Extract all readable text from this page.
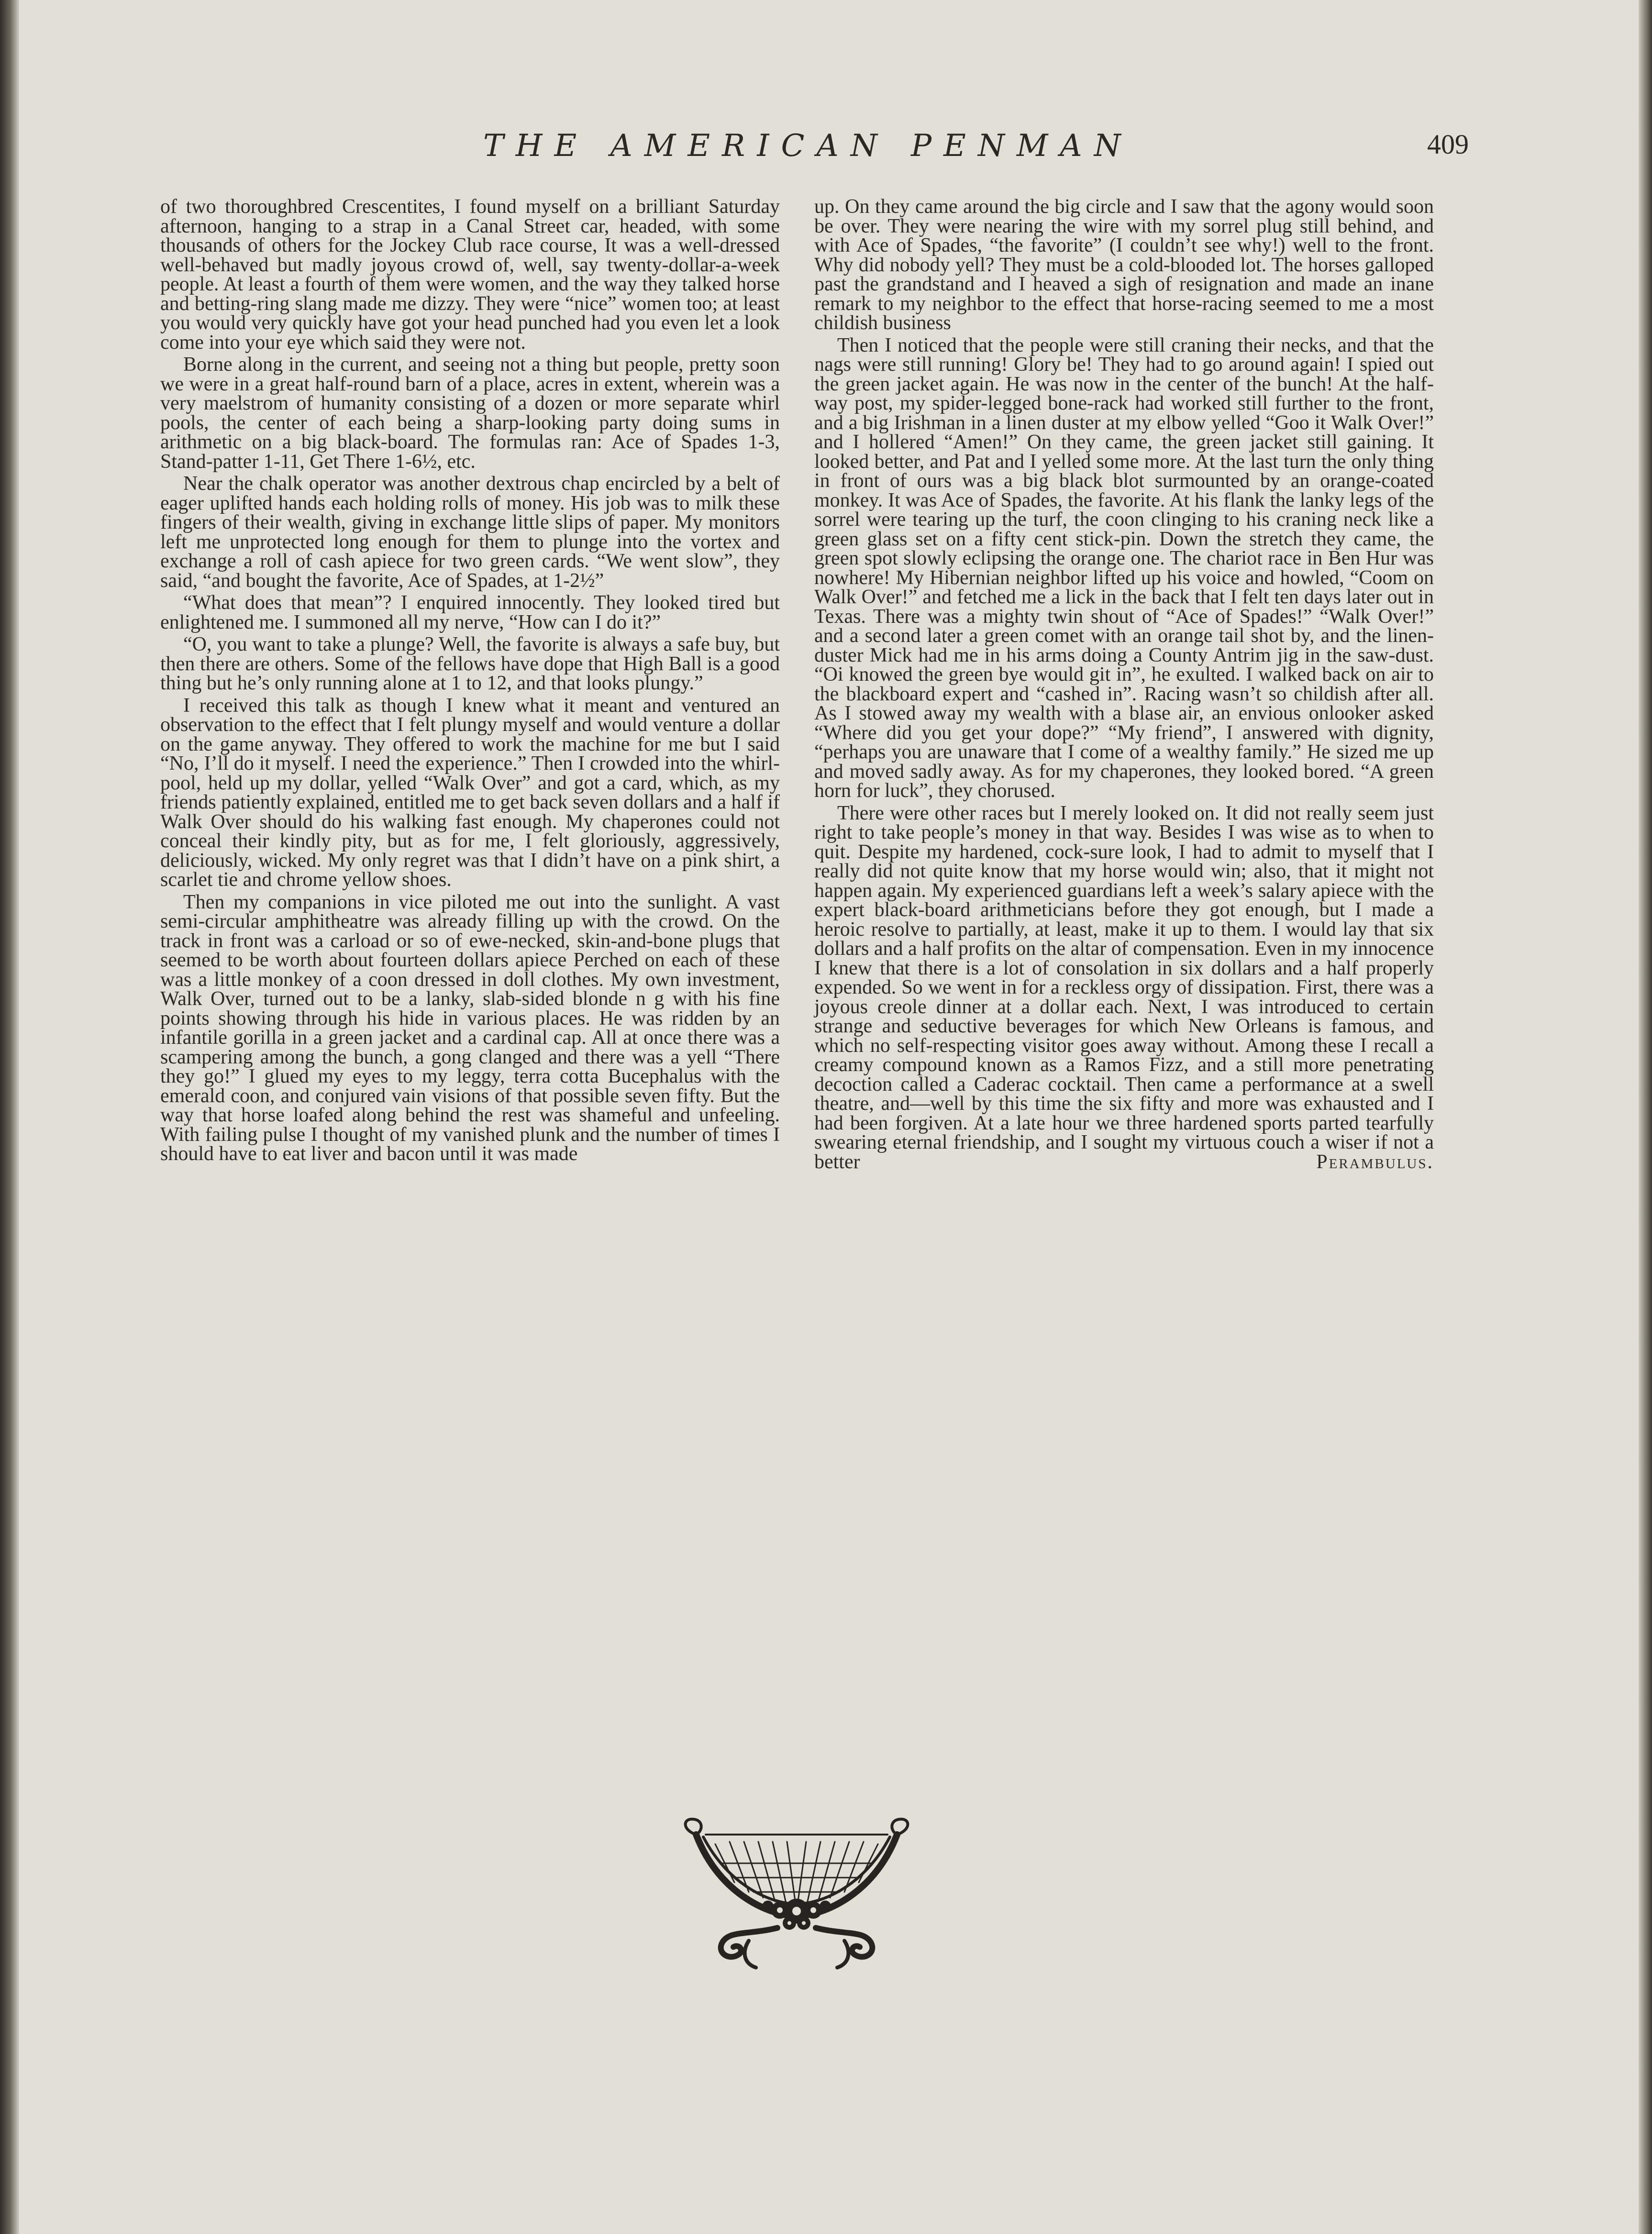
THE AMERICAN PENMAN	409

of two thoroughbred Crescentites, I found myself on a brilliant Saturday afternoon, hanging to a strap in a Canal Street car, headed, with some thousands of others for the Jockey Club race course, It was a well-dressed well-behaved but madly joyous crowd of, well, say twenty-dollar-a-week people. At least a fourth of them were women, and the way they talked horse and betting-ring slang made me dizzy. They were “nice” women too; at least you would very quickly have got your head punched had you even let a look come into your eye which said they were not.

Borne along in the current, and seeing not a thing but people, pretty soon we were in a great half-round barn of a place, acres in extent, wherein was a very maelstrom of humanity consisting of a dozen or more separate whirl pools, the center of each being a sharp-looking party doing sums in arithmetic on a big black-board. The formulas ran: Ace of Spades 1-3, Stand-patter 1-11, Get There 1-6½, etc.

Near the chalk operator was another dextrous chap encircled by a belt of eager uplifted hands each holding rolls of money. His job was to milk these fingers of their wealth, giving in exchange little slips of paper. My monitors left me unprotected long enough for them to plunge into the vortex and exchange a roll of cash apiece for two green cards. “We went slow”, they said, “and bought the favorite, Ace of Spades, at 1-2½”

“What does that mean”? I enquired innocently. They looked tired but enlightened me. I summoned all my nerve, “How can I do it?”

“O, you want to take a plunge? Well, the favorite is always a safe buy, but then there are others. Some of the fellows have dope that High Ball is a good thing but he’s only running alone at 1 to 12, and that looks plungy.”

I received this talk as though I knew what it meant and ventured an observation to the effect that I felt plungy myself and would venture a dollar on the game anyway. They offered to work the machine for me but I said “No, I’ll do it myself. I need the experience.” Then I crowded into the whirl-pool, held up my dollar, yelled “Walk Over” and got a card, which, as my friends patiently explained, entitled me to get back seven dollars and a half if Walk Over should do his walking fast enough. My chaperones could not conceal their kindly pity, but as for me, I felt gloriously, aggressively, deliciously, wicked. My only regret was that I didn’t have on a pink shirt, a scarlet tie and chrome yellow shoes.

Then my companions in vice piloted me out into the sunlight. A vast semi-circular amphitheatre was already filling up with the crowd. On the track in front was a carload or so of ewe-necked, skin-and-bone plugs that seemed to be worth about fourteen dollars apiece Perched on each of these was a little monkey of a coon dressed in doll clothes. My own investment, Walk Over, turned out to be a lanky, slab-sided blonde n g with his fine points showing through his hide in various places. He was ridden by an infantile gorilla in a green jacket and a cardinal cap. All at once there was a scampering among the bunch, a gong clanged and there was a yell “There they go!” I glued my eyes to my leggy, terra cotta Bucephalus with the emerald coon, and conjured vain visions of that possible seven fifty. But the way that horse loafed along behind the rest was shameful and unfeeling. With failing pulse I thought of my vanished plunk and the number of times I should have to eat liver and bacon until it was made

up. On they came around the big circle and I saw that the agony would soon be over. They were nearing the wire with my sorrel plug still behind, and with Ace of Spades, “the favorite” (I couldn’t see why!) well to the front. Why did nobody yell? They must be a cold-blooded lot. The horses galloped past the grandstand and I heaved a sigh of resignation and made an inane remark to my neighbor to the effect that horse-racing seemed to me a most childish business

Then I noticed that the people were still craning their necks, and that the nags were still running! Glory be! They had to go around again! I spied out the green jacket again. He was now in the center of the bunch! At the half-way post, my spider-legged bone-rack had worked still further to the front, and a big Irishman in a linen duster at my elbow yelled “Goo it Walk Over!” and I hollered “Amen!” On they came, the green jacket still gaining. It looked better, and Pat and I yelled some more. At the last turn the only thing in front of ours was a big black blot surmounted by an orange-coated monkey. It was Ace of Spades, the favorite. At his flank the lanky legs of the sorrel were tearing up the turf, the coon clinging to his craning neck like a green glass set on a fifty cent stick-pin. Down the stretch they came, the green spot slowly eclipsing the orange one. The chariot race in Ben Hur was nowhere! My Hibernian neighbor lifted up his voice and howled, “Coom on Walk Over!” and fetched me a lick in the back that I felt ten days later out in Texas. There was a mighty twin shout of “Ace of Spades!” “Walk Over!” and a second later a green comet with an orange tail shot by, and the linen-duster Mick had me in his arms doing a County Antrim jig in the saw-dust. “Oi knowed the green bye would git in”, he exulted. I walked back on air to the blackboard expert and “cashed in”. Racing wasn’t so childish after all. As I stowed away my wealth with a blase air, an envious onlooker asked “Where did you get your dope?” “My friend”, I answered with dignity, “perhaps you are unaware that I come of a wealthy family.” He sized me up and moved sadly away. As for my chaperones, they looked bored. “A green horn for luck”, they chorused.

There were other races but I merely looked on. It did not really seem just right to take people’s money in that way. Besides I was wise as to when to quit. Despite my hardened, cock-sure look, I had to admit to myself that I really did not quite know that my horse would win; also, that it might not happen again. My experienced guardians left a week’s salary apiece with the expert black-board arithmeticians before they got enough, but I made a heroic resolve to partially, at least, make it up to them. I would lay that six dollars and a half profits on the altar of compensation. Even in my innocence I knew that there is a lot of consolation in six dollars and a half properly expended. So we went in for a reckless orgy of dissipation. First, there was a joyous creole dinner at a dollar each. Next, I was introduced to certain strange and seductive beverages for which New Orleans is famous, and which no self-respecting visitor goes away without. Among these I recall a creamy compound known as a Ramos Fizz, and a still more penetrating decoction called a Caderac cocktail. Then came a performance at a swell theatre, and—well by this time the six fifty and more was exhausted and I had been forgiven. At a late hour we three hardened sports parted tearfully swearing eternal friendship, and I sought my virtuous couch a wiser if not a better	Perambulus.
